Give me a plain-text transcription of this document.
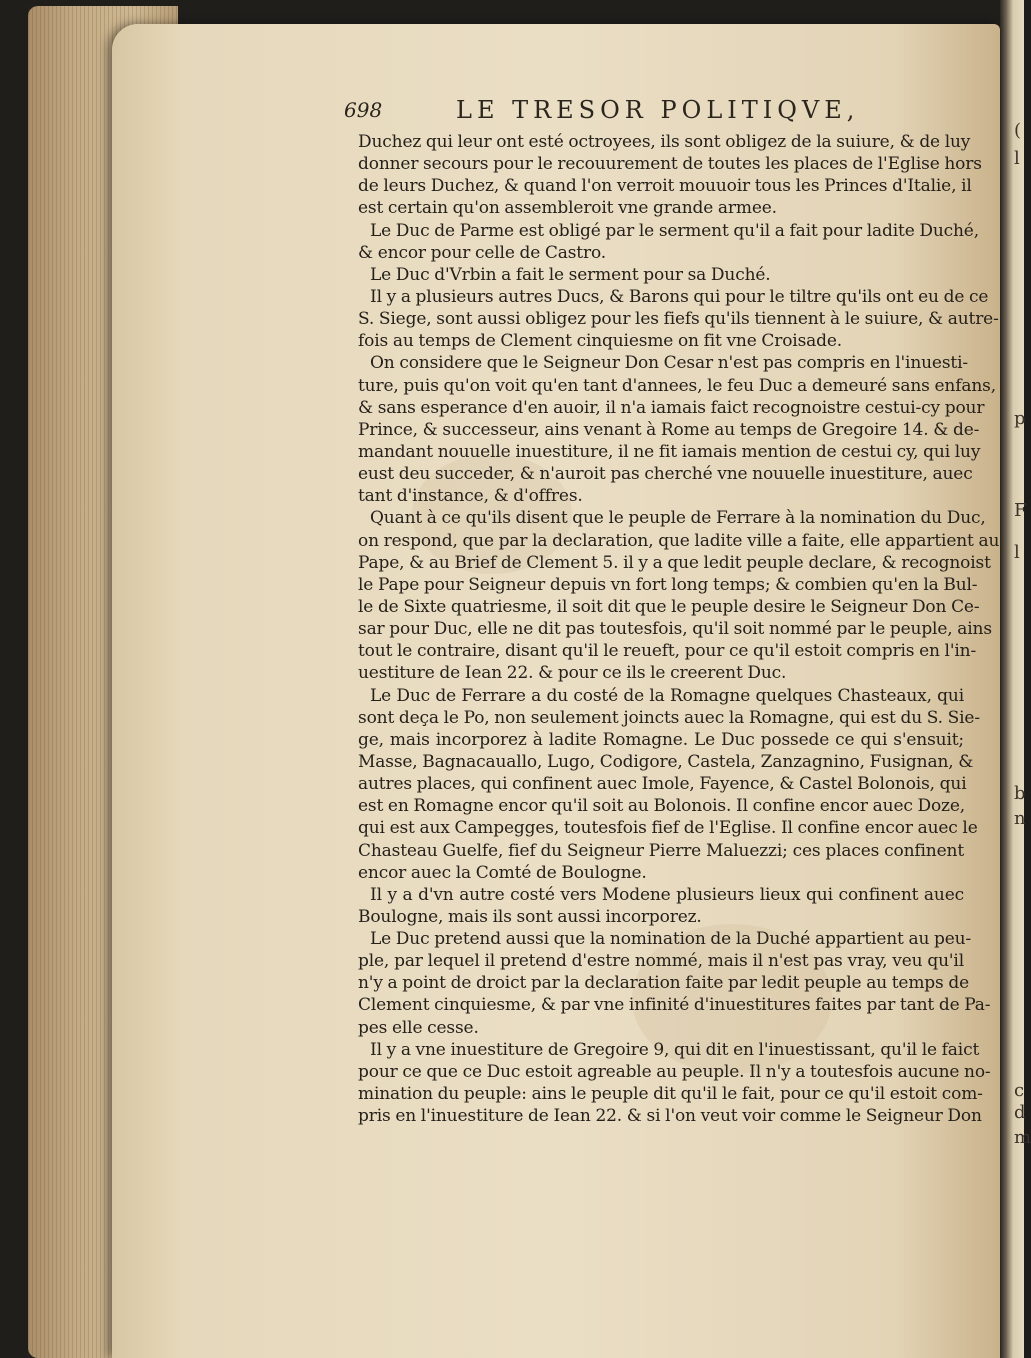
(
l
p
F
l
b
n
c
d
m
698	LE TRESOR POLITIQVE,
Duchez qui leur ont esté octroyees, ils sont obligez de la suiure, & de luy
donner secours pour le recouurement de toutes les places de l'Eglise hors
de leurs Duchez, & quand l'on verroit mouuoir tous les Princes d'Italie, il
est certain qu'on assembleroit vne grande armee.
Le Duc de Parme est obligé par le serment qu'il a fait pour ladite Duché,
& encor pour celle de Castro.
Le Duc d'Vrbin a fait le serment pour sa Duché.
Il y a plusieurs autres Ducs, & Barons qui pour le tiltre qu'ils ont eu de ce
S. Siege, sont aussi obligez pour les fiefs qu'ils tiennent à le suiure, & autre-
fois au temps de Clement cinquiesme on fit vne Croisade.
On considere que le Seigneur Don Cesar n'est pas compris en l'inuesti-
ture, puis qu'on voit qu'en tant d'annees, le feu Duc a demeuré sans enfans,
& sans esperance d'en auoir, il n'a iamais faict recognoistre cestui-cy pour
Prince, & successeur, ains venant à Rome au temps de Gregoire 14. & de-
mandant nouuelle inuestiture, il ne fit iamais mention de cestui cy, qui luy
eust deu succeder, & n'auroit pas cherché vne nouuelle inuestiture, auec
tant d'instance, & d'offres.
Quant à ce qu'ils disent que le peuple de Ferrare à la nomination du Duc,
on respond, que par la declaration, que ladite ville a faite, elle appartient au
Pape, & au Brief de Clement 5. il y a que ledit peuple declare, & recognoist
le Pape pour Seigneur depuis vn fort long temps; & combien qu'en la Bul-
le de Sixte quatriesme, il soit dit que le peuple desire le Seigneur Don Ce-
sar pour Duc, elle ne dit pas toutesfois, qu'il soit nommé par le peuple, ains
tout le contraire, disant qu'il le reueft, pour ce qu'il estoit compris en l'in-
uestiture de Iean 22. & pour ce ils le creerent Duc.
Le Duc de Ferrare a du costé de la Romagne quelques Chasteaux, qui
sont deça le Po, non seulement joincts auec la Romagne, qui est du S. Sie-
ge, mais incorporez à ladite Romagne. Le Duc possede ce qui s'ensuit;
Masse, Bagnacauallo, Lugo, Codigore, Castela, Zanzagnino, Fusignan, &
autres places, qui confinent auec Imole, Fayence, & Castel Bolonois, qui
est en Romagne encor qu'il soit au Bolonois. Il confine encor auec Doze,
qui est aux Campegges, toutesfois fief de l'Eglise. Il confine encor auec le
Chasteau Guelfe, fief du Seigneur Pierre Maluezzi; ces places confinent
encor auec la Comté de Boulogne.
Il y a d'vn autre costé vers Modene plusieurs lieux qui confinent auec
Boulogne, mais ils sont aussi incorporez.
Le Duc pretend aussi que la nomination de la Duché appartient au peu-
ple, par lequel il pretend d'estre nommé, mais il n'est pas vray, veu qu'il
n'y a point de droict par la declaration faite par ledit peuple au temps de
Clement cinquiesme, & par vne infinité d'inuestitures faites par tant de Pa-
pes elle cesse.
Il y a vne inuestiture de Gregoire 9, qui dit en l'inuestissant, qu'il le faict
pour ce que ce Duc estoit agreable au peuple. Il n'y a toutesfois aucune no-
mination du peuple: ains le peuple dit qu'il le fait, pour ce qu'il estoit com-
pris en l'inuestiture de Iean 22. & si l'on veut voir comme le Seigneur Don
